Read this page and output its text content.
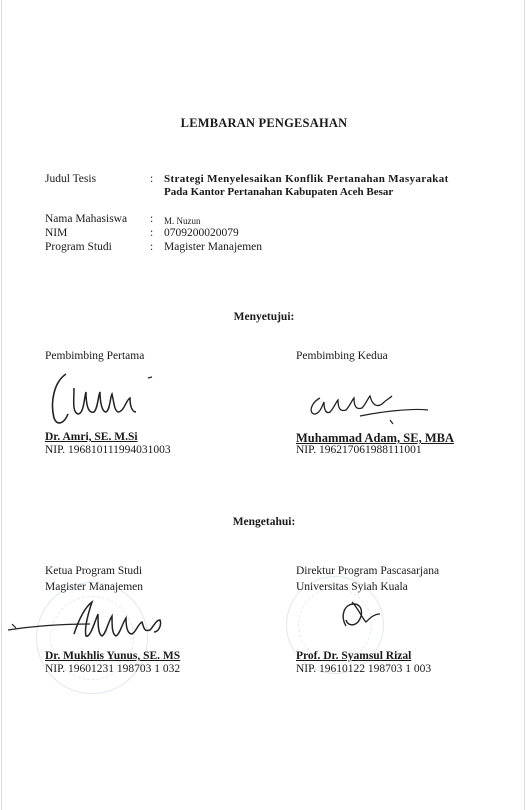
LEMBARAN PENGESAHAN
Judul Tesis	: Strategi Menyelesaikan Konflik Pertanahan Masyarakat
Pada Kantor Pertanahan Kabupaten Aceh Besar
Nama Mahasiswa : M. Nuzun
NIM	: 0709200020079
Program Studi	: Magister Manajemen
Menyetujui:
Pembimbing Pertama
Dr. Amri, SE. M.Si
NIP. 196810111994031003
Pembimbing Kedua
Muhammad Adam, SE, MBA
NIP. 196217061988111001
Mengetahui:
Ketua Program Studi
Magister Manajemen
Dr. Mukhlis Yunus, SE. MS
NIP. 19601231 198703 1 032
Direktur Program Pascasarjana
Universitas Syiah Kuala
Prof. Dr. Syamsul Rizal
NIP. 19610122 198703 1 003
